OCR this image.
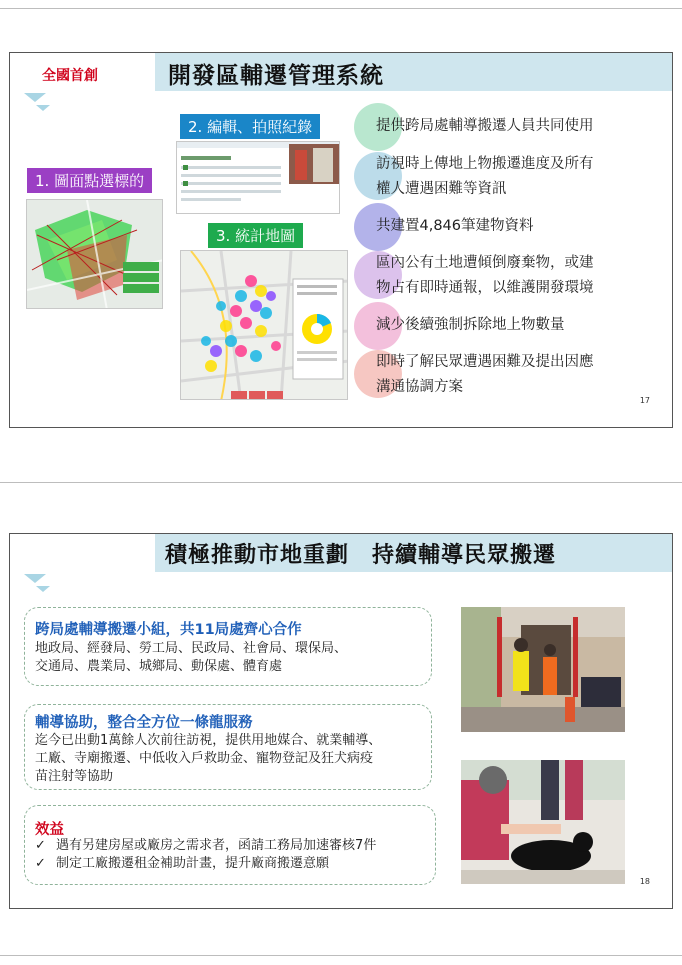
全國首創	開發區輔遷管理系統
1. 圖面點選標的
2. 編輯、拍照紀錄
3. 統計地圖
提供跨局處輔導搬遷人員共同使用
訪視時上傳地上物搬遷進度及所有
權人遭遇困難等資訊
共建置4,846筆建物資料
區內公有土地遭傾倒廢棄物，或建
物占有即時通報，以維護開發環境
減少後續強制拆除地上物數量
即時了解民眾遭遇困難及提出因應
溝通協調方案
17
積極推動市地重劃　持續輔導民眾搬遷
跨局處輔導搬遷小組，共11局處齊心合作
地政局、經發局、勞工局、民政局、社會局、環保局、
交通局、農業局、城鄉局、動保處、體育處
輔導協助，整合全方位一條龍服務
迄今已出動1萬餘人次前往訪視，提供用地媒合、就業輔導、
工廠、寺廟搬遷、中低收入戶救助金、寵物登記及狂犬病疫
苗注射等協助
效益
✓ 遇有另建房屋或廠房之需求者，函請工務局加速審核7件
✓ 制定工廠搬遷租金補助計畫，提升廠商搬遷意願
18
